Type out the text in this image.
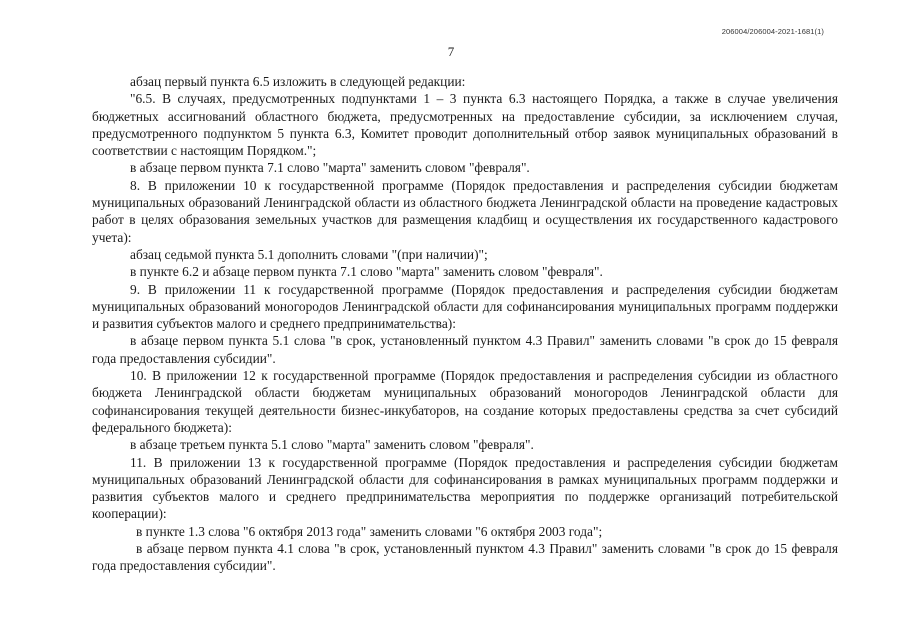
206004/206004-2021-1681(1)
7

абзац первый пункта 6.5 изложить в следующей редакции:

"6.5. В случаях, предусмотренных подпунктами 1 – 3 пункта 6.3 настоящего Порядка, а также в случае увеличения бюджетных ассигнований областного бюджета, предусмотренных на предоставление субсидии, за исключением случая, предусмотренного подпунктом 5 пункта 6.3, Комитет проводит дополнительный отбор заявок муниципальных образований в соответствии с настоящим Порядком.";

в абзаце первом пункта 7.1 слово "марта" заменить словом "февраля".

8. В приложении 10 к государственной программе (Порядок предоставления и распределения субсидии бюджетам муниципальных образований Ленинградской области из областного бюджета Ленинградской области на проведение кадастровых работ в целях образования земельных участков для размещения кладбищ и осуществления их государственного кадастрового учета):

абзац седьмой пункта 5.1 дополнить словами "(при наличии)";

в пункте 6.2 и абзаце первом пункта 7.1 слово "марта" заменить словом "февраля".

9. В приложении 11 к государственной программе (Порядок предоставления и распределения субсидии бюджетам муниципальных образований моногородов Ленинградской области для софинансирования муниципальных программ поддержки и развития субъектов малого и среднего предпринимательства):

в абзаце первом пункта 5.1 слова "в срок, установленный пунктом 4.3 Правил" заменить словами "в срок до 15 февраля года предоставления субсидии".

10. В приложении 12 к государственной программе (Порядок предоставления и распределения субсидии из областного бюджета Ленинградской области бюджетам муниципальных образований моногородов Ленинградской области для софинансирования текущей деятельности бизнес-инкубаторов, на создание которых предоставлены средства за счет субсидий федерального бюджета):

в абзаце третьем пункта 5.1 слово "марта" заменить словом "февраля".

11. В приложении 13 к государственной программе (Порядок предоставления и распределения субсидии бюджетам муниципальных образований Ленинградской области для софинансирования в рамках муниципальных программ поддержки и развития субъектов малого и среднего предпринимательства мероприятия по поддержке организаций потребительской кооперации):

в пункте 1.3 слова "6 октября 2013 года" заменить словами "6 октября 2003 года";

в абзаце первом пункта 4.1 слова "в срок, установленный пунктом 4.3 Правил" заменить словами "в срок до 15 февраля года предоставления субсидии".
